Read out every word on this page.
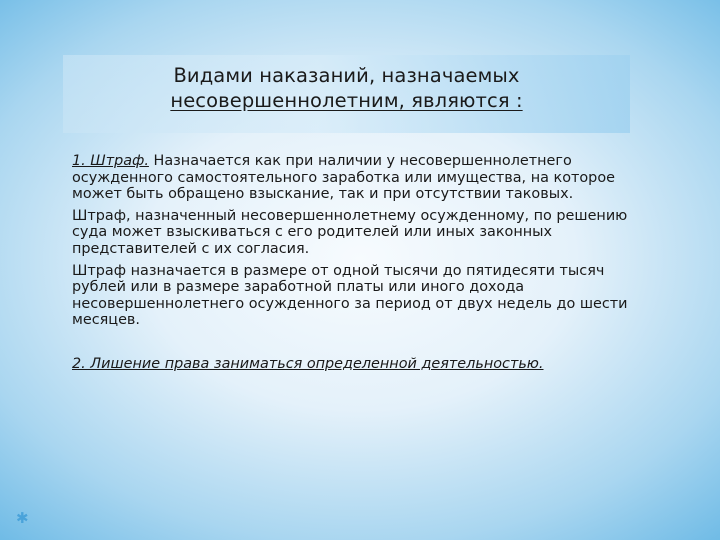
Видами наказаний, назначаемых
несовершеннолетним, являются :

1. Штраф. Назначается как при наличии у несовершеннолетнего осужденного самостоятельного заработка или имущества, на которое может быть обращено взыскание, так и при отсутствии таковых.

Штраф, назначенный несовершеннолетнему осужденному, по решению суда может взыскиваться с его родителей или иных законных представителей с их согласия.

Штраф назначается в размере от одной тысячи до пятидесяти тысяч рублей или в размере заработной платы или иного дохода несовершеннолетнего осужденного за период от двух недель до шести месяцев.

2. Лишение права заниматься определенной деятельностью.

✱
